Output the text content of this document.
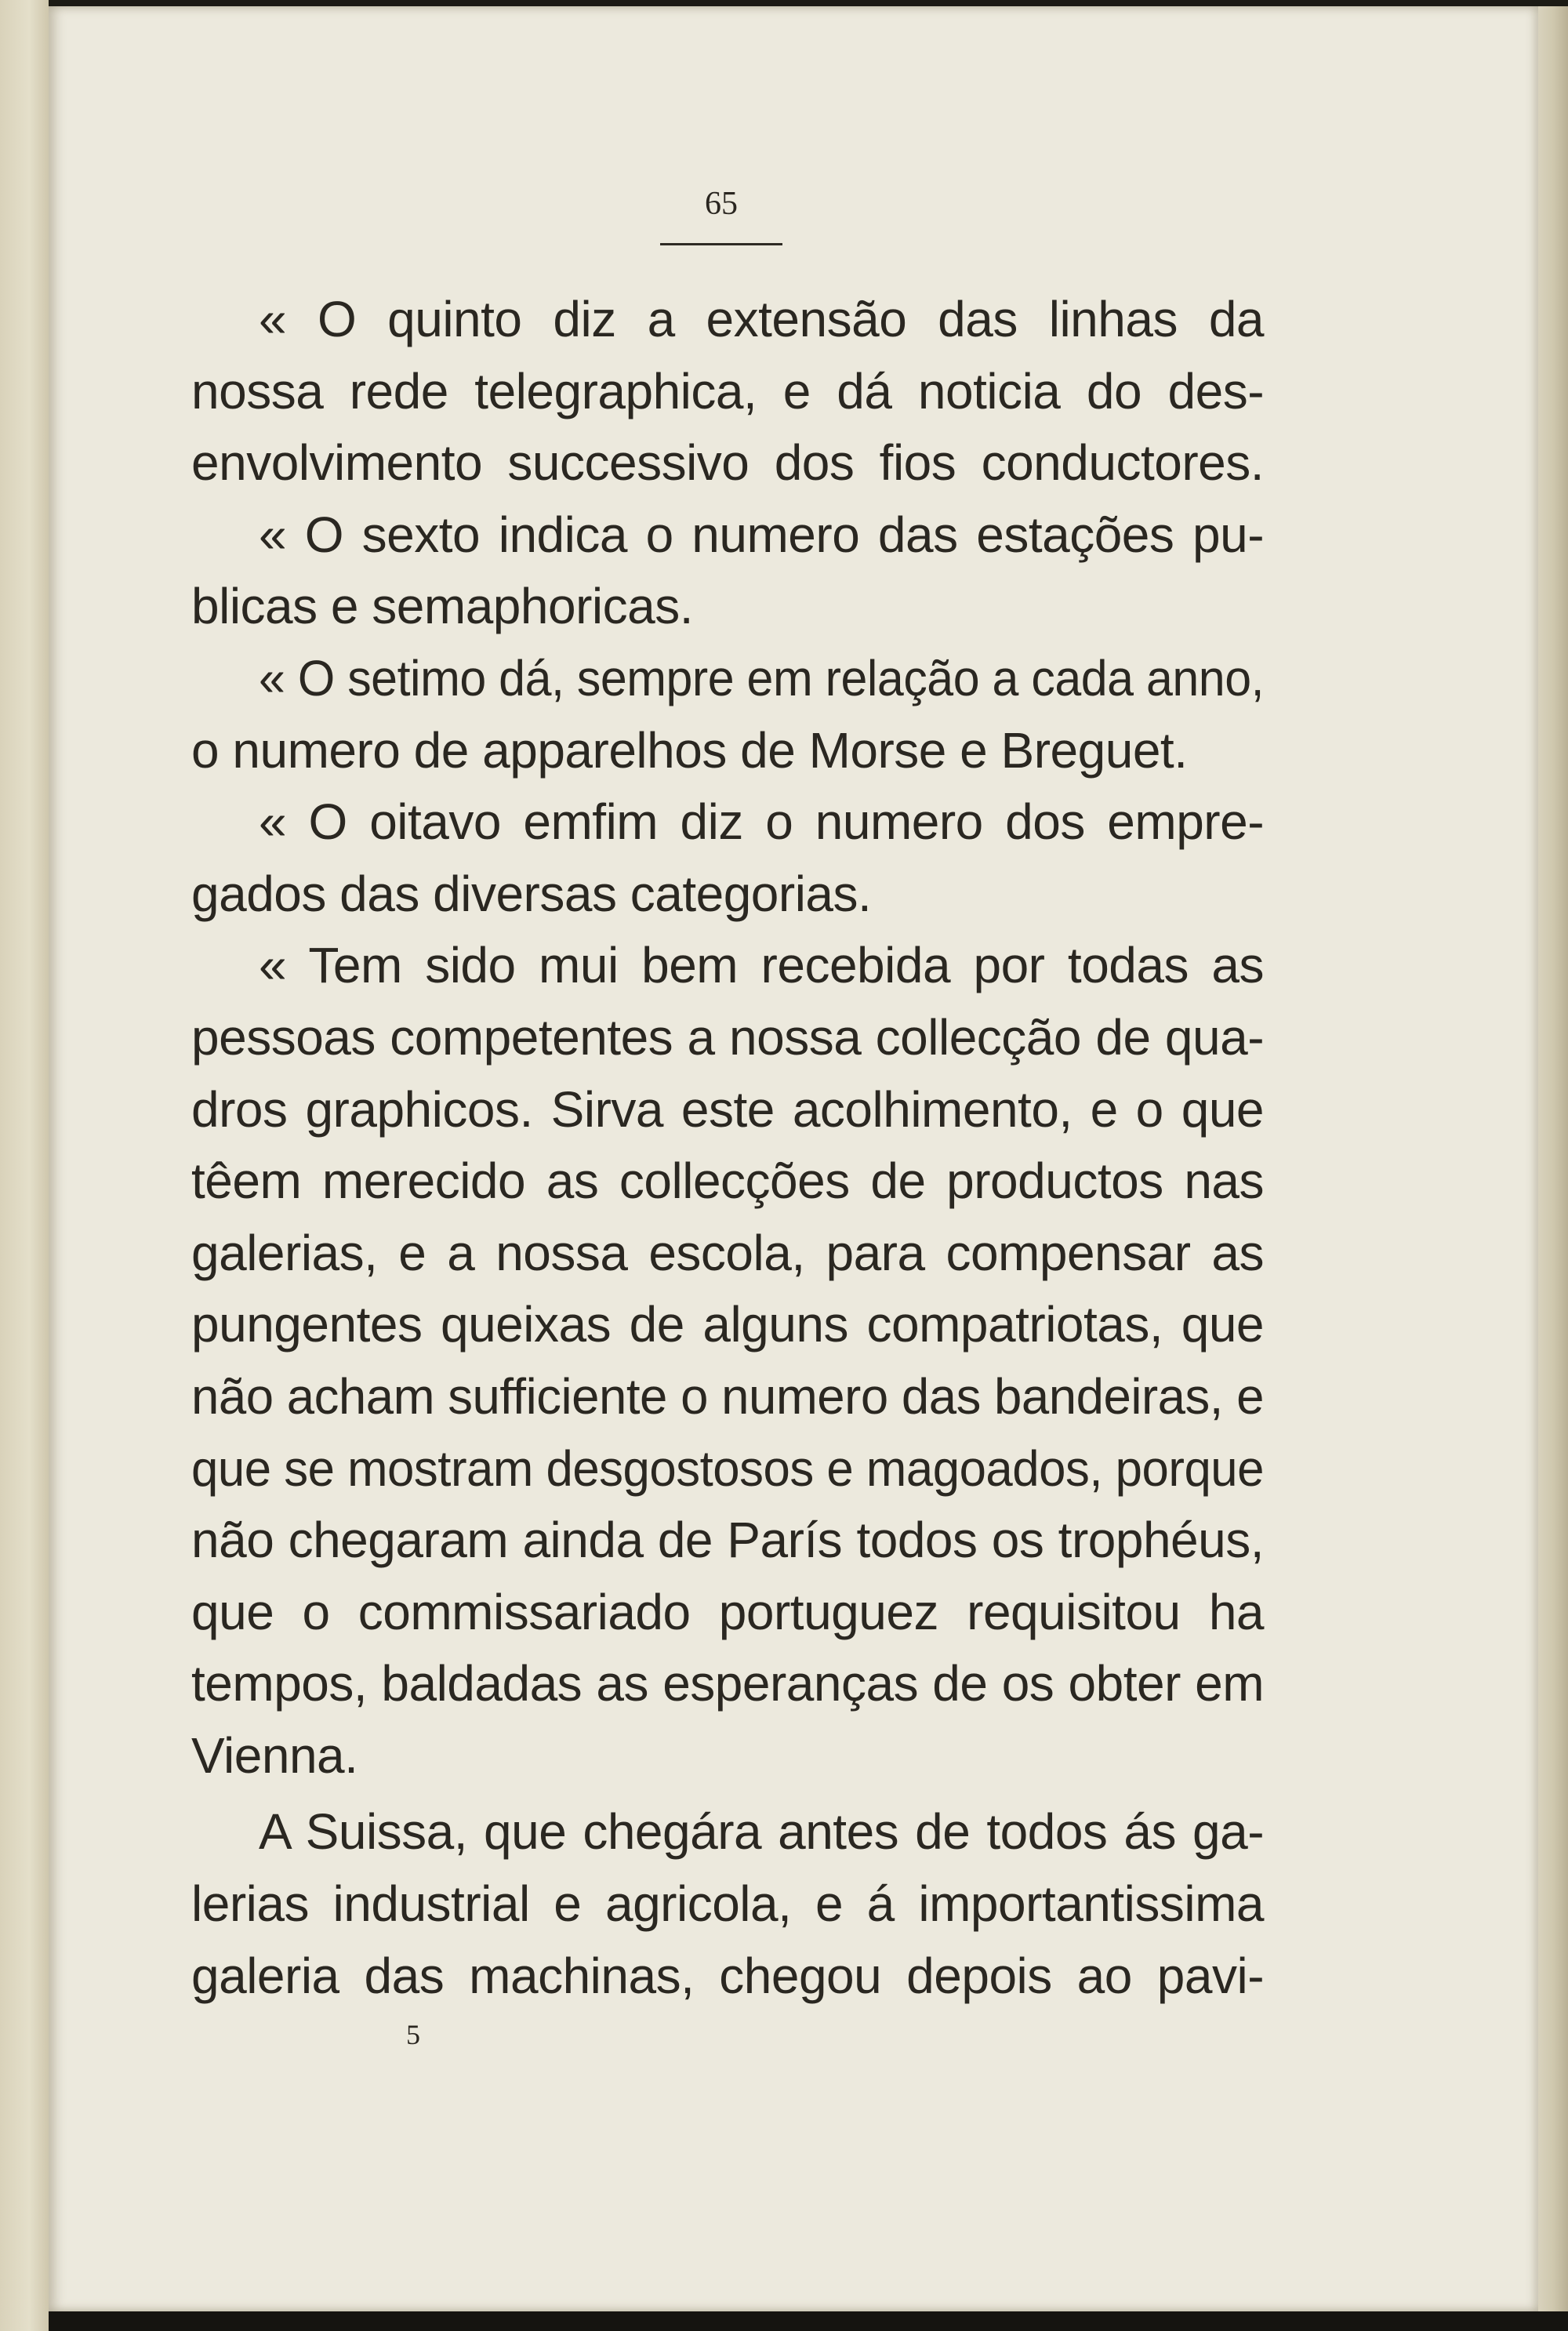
65
« O quinto diz a extensão das linhas da
nossa rede telegraphica, e dá noticia do des-
envolvimento successivo dos fios conductores.
« O sexto indica o numero das estações pu-
blicas e semaphoricas.
« O setimo dá, sempre em relação a cada anno,
o numero de apparelhos de Morse e Breguet.
« O oitavo emfim diz o numero dos empre-
gados das diversas categorias.
« Tem sido mui bem recebida por todas as
pessoas competentes a nossa collecção de qua-
dros graphicos. Sirva este acolhimento, e o que
têem merecido as collecções de productos nas
galerias, e a nossa escola, para compensar as
pungentes queixas de alguns compatriotas, que
não acham sufficiente o numero das bandeiras, e
que se mostram desgostosos e magoados, porque
não chegaram ainda de París todos os trophéus,
que o commissariado portuguez requisitou ha
tempos, baldadas as esperanças de os obter em
Vienna.
A Suissa, que chegára antes de todos ás ga-
lerias industrial e agricola, e á importantissima
galeria das machinas, chegou depois ao pavi-
5
